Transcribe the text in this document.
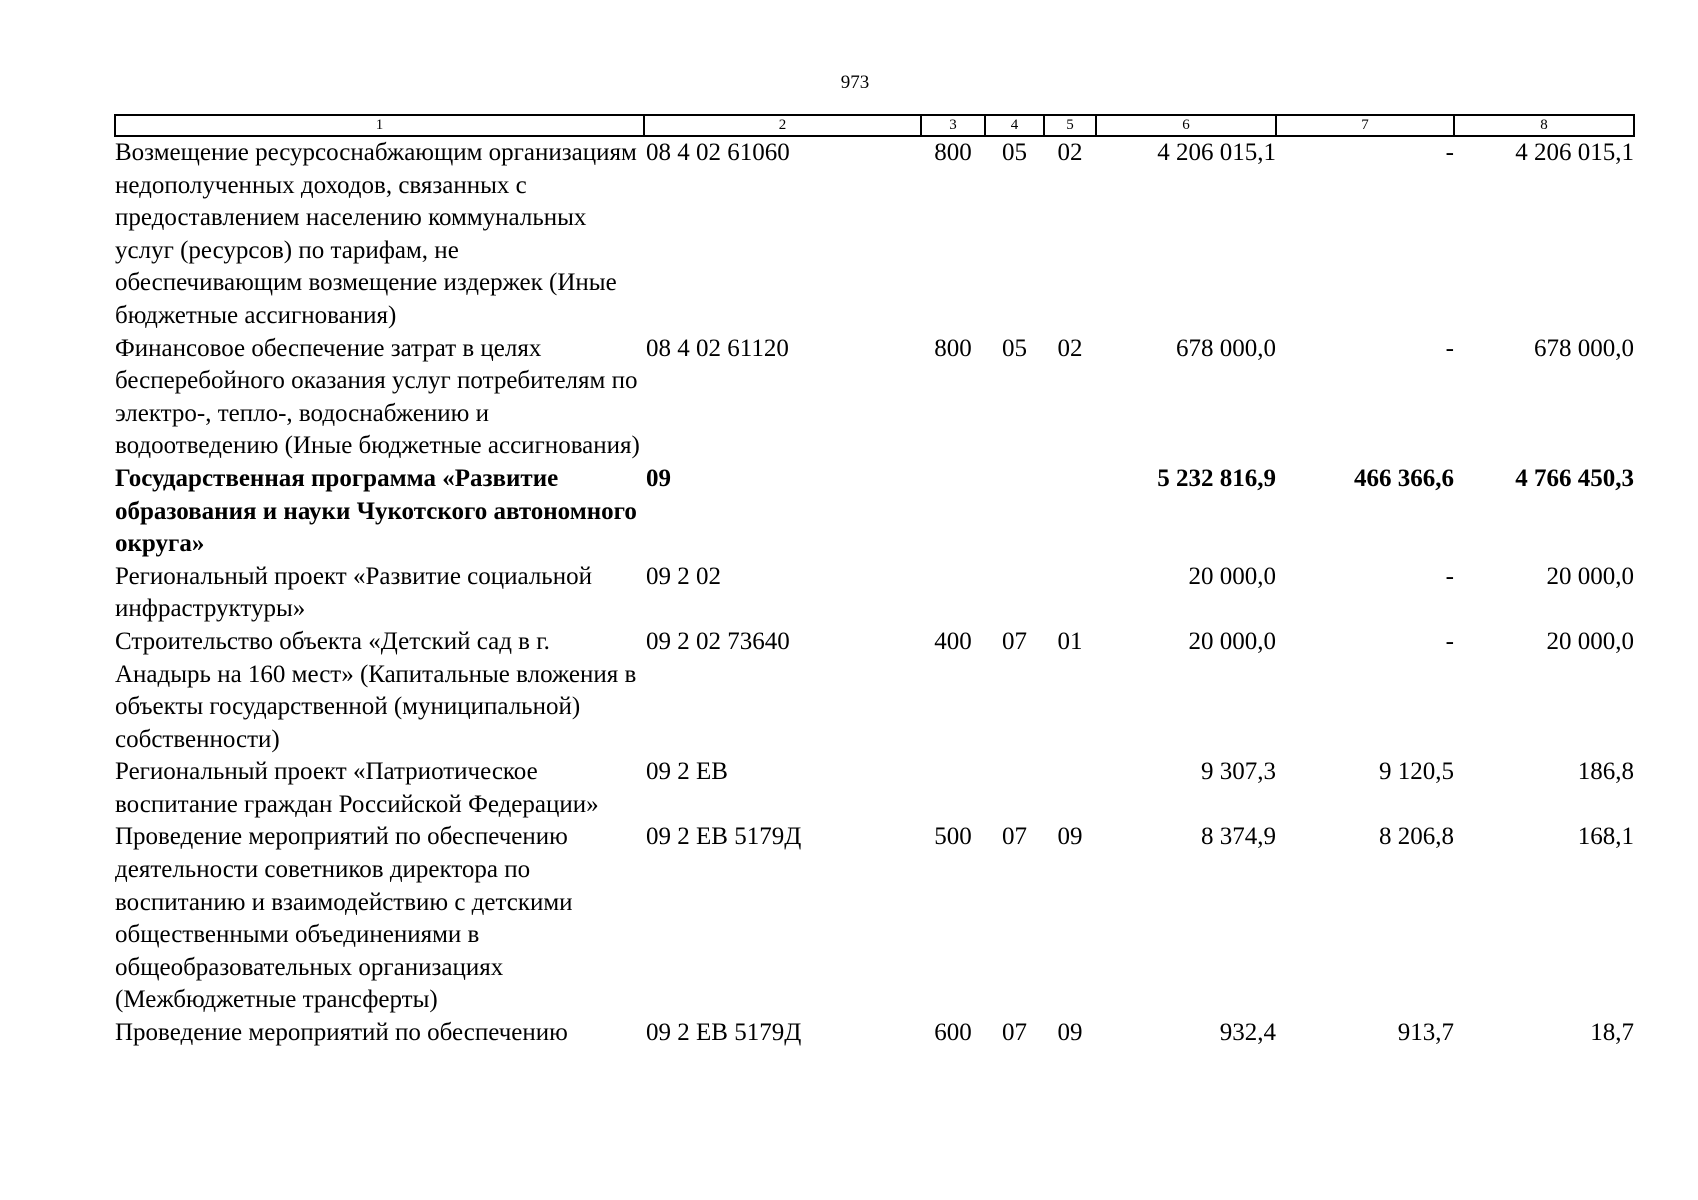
973
1	2	3	4	5	6	7	8
Возмещение ресурсоснабжающим организациям недополученных доходов, связанных с предоставлением населению коммунальных услуг (ресурсов) по тарифам, не обеспечивающим возмещение издержек (Иные бюджетные ассигнования)	08 4 02 61060	800	05	02	4 206 015,1	-	4 206 015,1
Финансовое обеспечение затрат в целях бесперебойного оказания услуг потребителям по электро-, тепло-, водоснабжению и водоотведению (Иные бюджетные ассигнования)	08 4 02 61120	800	05	02	678 000,0	-	678 000,0
Государственная программа «Развитие образования и науки Чукотского автономного округа»	09				5 232 816,9	466 366,6	4 766 450,3
Региональный проект «Развитие социальной инфраструктуры»	09 2 02				20 000,0	-	20 000,0
Строительство объекта «Детский сад в г. Анадырь на 160 мест» (Капитальные вложения в объекты государственной (муниципальной) собственности)	09 2 02 73640	400	07	01	20 000,0	-	20 000,0
Региональный проект «Патриотическое воспитание граждан Российской Федерации»	09 2 EВ				9 307,3	9 120,5	186,8
Проведение мероприятий по обеспечению деятельности советников директора по воспитанию и взаимодействию с детскими общественными объединениями в общеобразовательных организациях (Межбюджетные трансферты)	09 2 EВ 5179Д	500	07	09	8 374,9	8 206,8	168,1
Проведение мероприятий по обеспечению	09 2 EВ 5179Д	600	07	09	932,4	913,7	18,7
